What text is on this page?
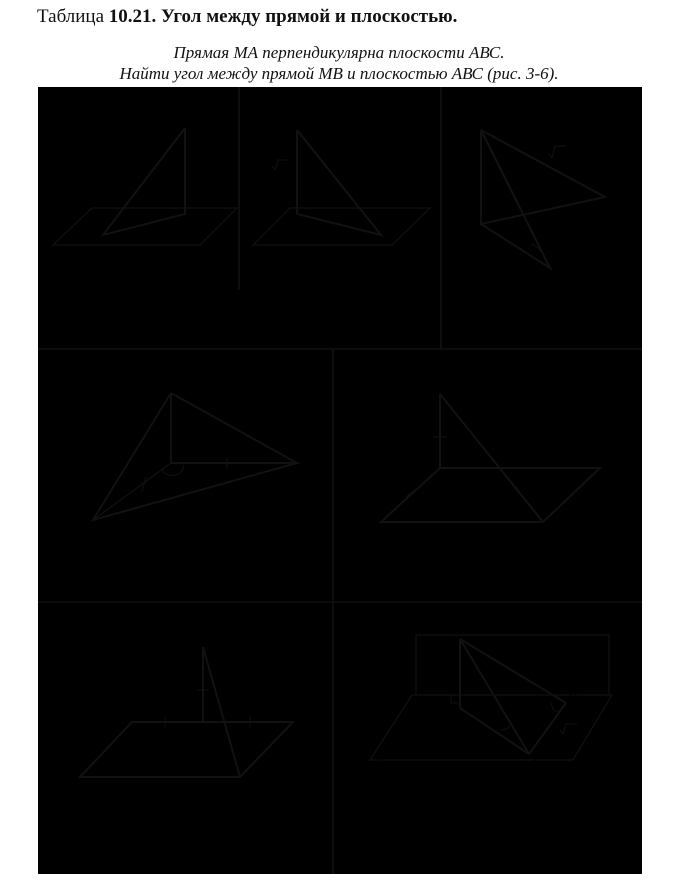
Таблица 10.21. Угол между прямой и плоскостью.
Прямая МА перпендикулярна плоскости АВС.
Найти угол между прямой МВ и плоскостью АВС (рис. 3-6).
1
M
A
B
α
10
5
2
M
A
B
α
5 3
5
3
M
A
B
C
4 2
8
30°
Дано: прямая МА перпендикулярна плоскости α.
Найти угол между прямой МВ и плоскостью α.
4
M
A
B
C
4
6
120°
5
M
A
B
C
D
Дано: ACBD – квадрат.
6
M
A
B
C
D	E
Дано: BCDE – квадрат.
7
β
α
B
B₁
A₁
A
6	2 3
30°
Дано: плоскости α и β перпендику-
лярны. Найти угол между прямой AB
и плоскостью β.
